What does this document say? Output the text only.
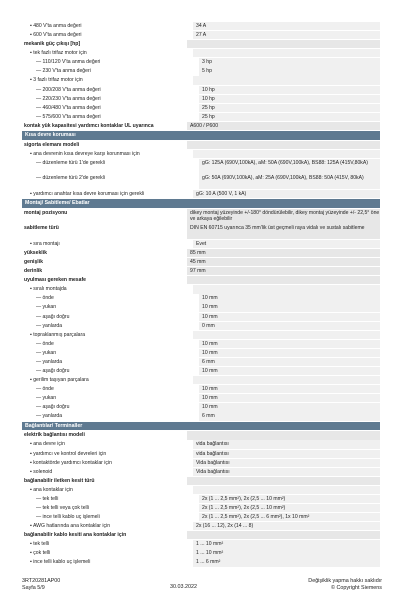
▪ 480 V'ta anma değeri	34 A
▪ 600 V'ta anma değeri	27 A
mekanik güç çıkışı [hp]
▪ tek fazlı trifaz motor için
— 110/120 V'ta anma değeri	3 hp
— 230 V'ta anma değeri	5 hp
▪ 3 fazlı trifaz motor için
— 200/208 V'ta anma değeri	10 hp
— 220/230 V'ta anma değeri	10 hp
— 460/480 V'ta anma değeri	25 hp
— 575/600 V'ta anma değeri	25 hp
kontak yük kapasitesi yardımcı kontaklar UL uyarınca	A600 / P600
Kısa devre koruması
sigorta elemanı modeli
▪ ana devrenin kısa devreye karşı korunması için
— düzenleme türü 1'de gerekli	gG: 125A (690V,100kA), aM: 50A (690V,100kA), BS88: 125A (415V,80kA)
— düzenleme türü 2'de gerekli	gG: 50A (690V,100kA), aM: 25A (690V,100kA), BS88: 50A (415V, 80kA)
▪ yardımcı anahtar kısa devre koruması için gerekli	gG: 10 A (500 V, 1 kA)
Montaj/ Sabitleme/ Ebatlar
montaj pozisyonu	dikey montaj yüzeyinde +/-180° döndürülebilir, dikey montaj yüzeyinde +/- 22,5° öne ve arkaya eğilebilir
sabitleme türü	DIN EN 60715 uyarınca 35 mm'lik üst geçmeli raya vidalı ve sustalı sabitleme
▪ sıra montajı	Evet
yükseklik	85 mm
genişlik	45 mm
derinlik	97 mm
uyulması gereken mesafe
▪ sıralı montajda
— önde	10 mm
— yukarı	10 mm
— aşağı doğru	10 mm
— yanlarda	0 mm
▪ topraklanmış parçalara
— önde	10 mm
— yukarı	10 mm
— yanlarda	6 mm
— aşağı doğru	10 mm
▪ gerilim taşıyan parçalara
— önde	10 mm
— yukarı	10 mm
— aşağı doğru	10 mm
— yanlarda	6 mm
Bağlantılar/ Terminaller
elektrik bağlantısı modeli
▪ ana devre için	vida bağlantısı
▪ yardımcı ve kontrol devreleri için	vida bağlantısı
▪ kontaktörde yardımcı kontaklar için	Vida bağlantısı
▪ solenoid	Vida bağlantısı
bağlanabilir iletken kesit türü
▪ ana kontaklar için
— tek telli	2x (1 ... 2,5 mm²), 2x (2,5 ... 10 mm²)
— tek telli veya çok telli	2x (1 ... 2,5 mm²), 2x (2,5 ... 10 mm²)
— ince telli kablo uç işlemeli	2x (1 ... 2,5 mm²), 2x (2,5 ... 6 mm²), 1x 10 mm²
▪ AWG hatlarında ana kontaklar için	2x (16 ... 12), 2x (14 ... 8)
bağlanabilir kablo kesiti ana kontaklar için
▪ tek telli	1 ... 10 mm²
▪ çok telli	1 ... 10 mm²
▪ ince telli kablo uç işlemeli	1 ... 6 mm²
3RT20281AP00
Sayfa 5/9	30.03.2022
Değişiklik yapma hakkı saklıdır
© Copyright Siemens
